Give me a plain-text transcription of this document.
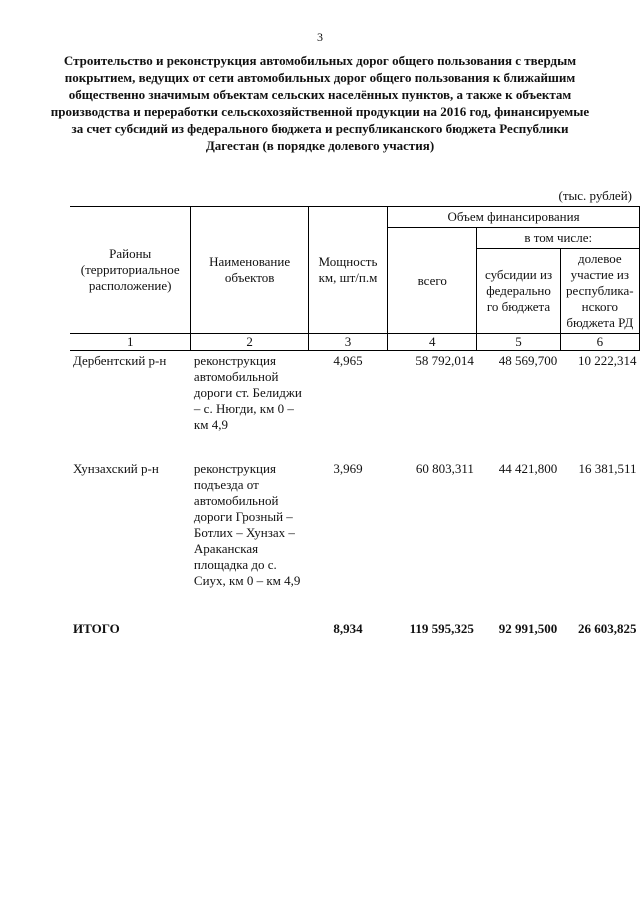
3
Строительство и реконструкция автомобильных дорог общего пользования с твердым покрытием, ведущих от сети автомобильных дорог общего пользования к ближайшим общественно значимым объектам сельских населённых пунктов, а также к объектам производства и переработки сельскохозяйственной продукции на 2016 год, финансируемые за счет субсидий из федерального бюджета и республиканского бюджета Республики Дагестан (в порядке долевого участия)
(тыс. рублей)
Районы (территориальное расположение)	Наименование объектов	Мощность км, шт/п.м	Объем финансирования		
			всего	в том числе:	
				субсидии из федерально го бюджета	долевое участие из республика-нского бюджета РД
1	2	3	4	5	6
Дербентский р-н	реконструкция автомобильной дороги ст. Белиджи – с. Нюгди, км 0 – км 4,9	4,965	58 792,014	48 569,700	10 222,314

Хунзахский р-н	реконструкция подъезда от автомобильной дороги Грозный – Ботлих – Хунзах – Араканская площадка до с. Сиух, км 0 – км 4,9	3,969	60 803,311	44 421,800	16 381,511

ИТОГО		8,934	119 595,325	92 991,500	26 603,825
